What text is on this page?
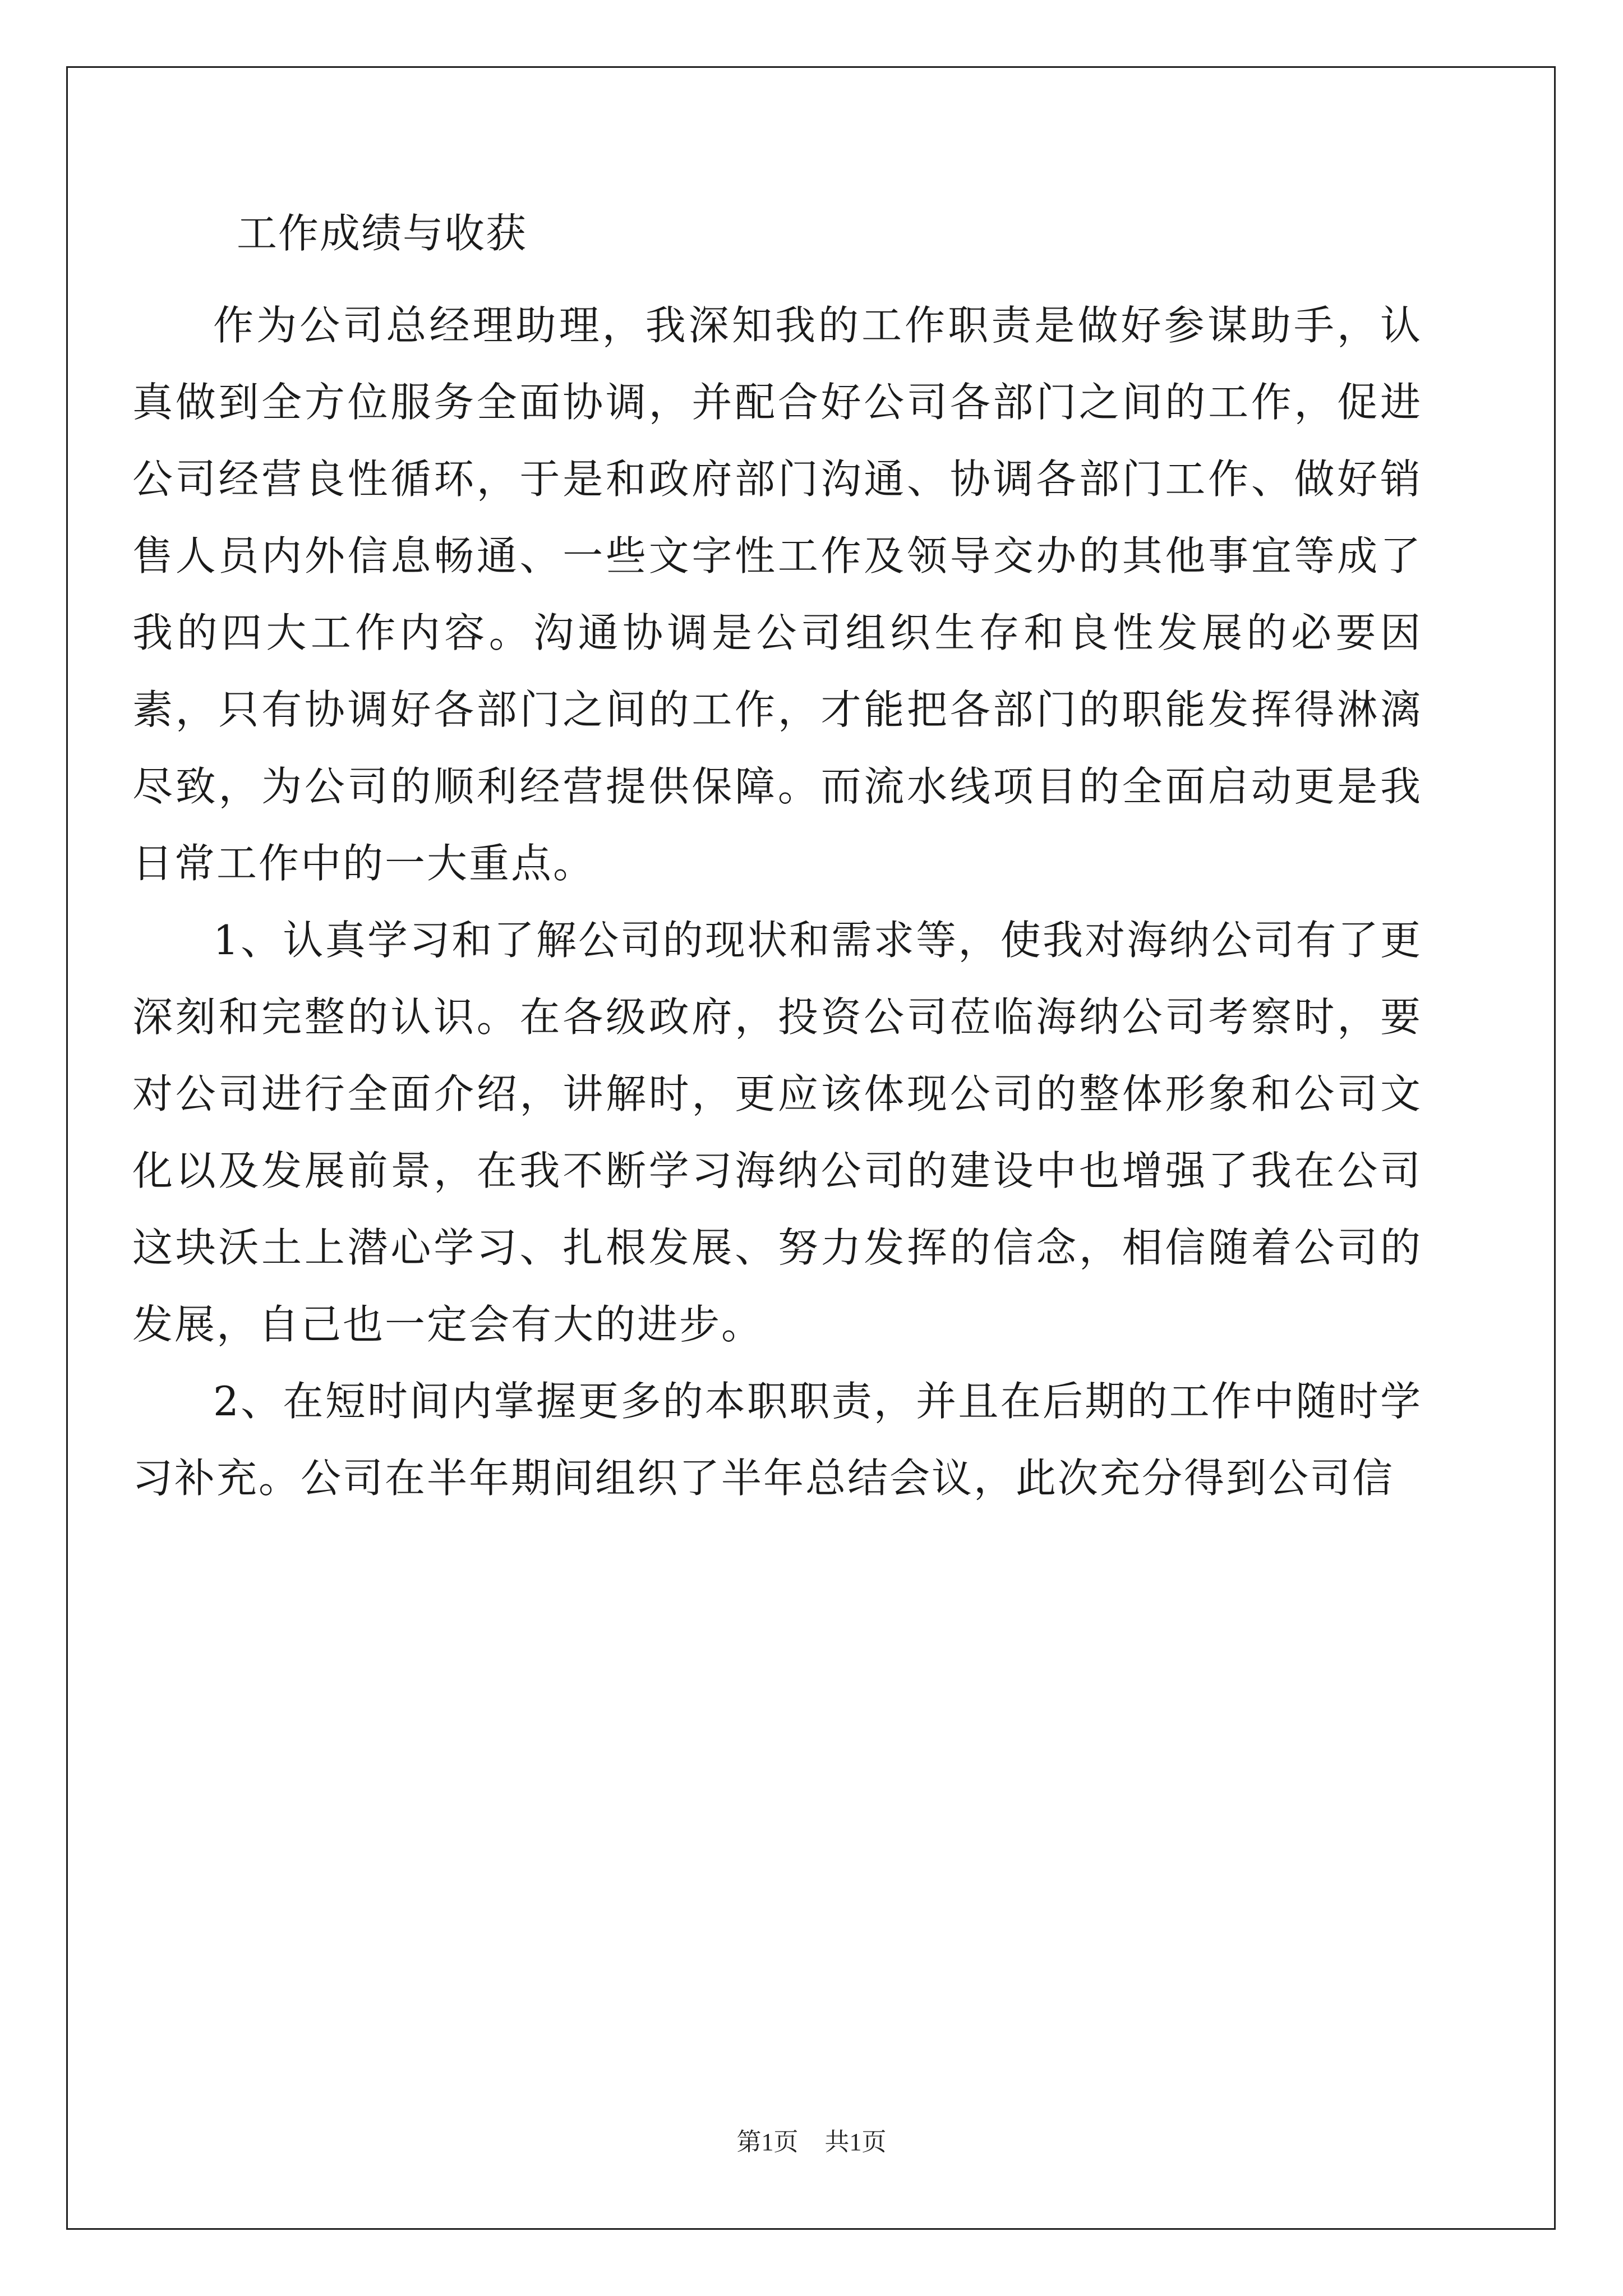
工作成绩与收获

作为公司总经理助理，我深知我的工作职责是做好参谋助手，认真做到全方位服务全面协调，并配合好公司各部门之间的工作，促进公司经营良性循环，于是和政府部门沟通、协调各部门工作、做好销售人员内外信息畅通、一些文字性工作及领导交办的其他事宜等成了我的四大工作内容。沟通协调是公司组织生存和良性发展的必要因素，只有协调好各部门之间的工作，才能把各部门的职能发挥得淋漓尽致，为公司的顺利经营提供保障。而流水线项目的全面启动更是我日常工作中的一大重点。

1、认真学习和了解公司的现状和需求等，使我对海纳公司有了更深刻和完整的认识。在各级政府，投资公司莅临海纳公司考察时，要对公司进行全面介绍，讲解时，更应该体现公司的整体形象和公司文化以及发展前景，在我不断学习海纳公司的建设中也增强了我在公司这块沃土上潜心学习、扎根发展、努力发挥的信念，相信随着公司的发展，自己也一定会有大的进步。

2、在短时间内掌握更多的本职职责，并且在后期的工作中随时学习补充。公司在半年期间组织了半年总结会议，此次充分得到公司信

第1页 共1页
